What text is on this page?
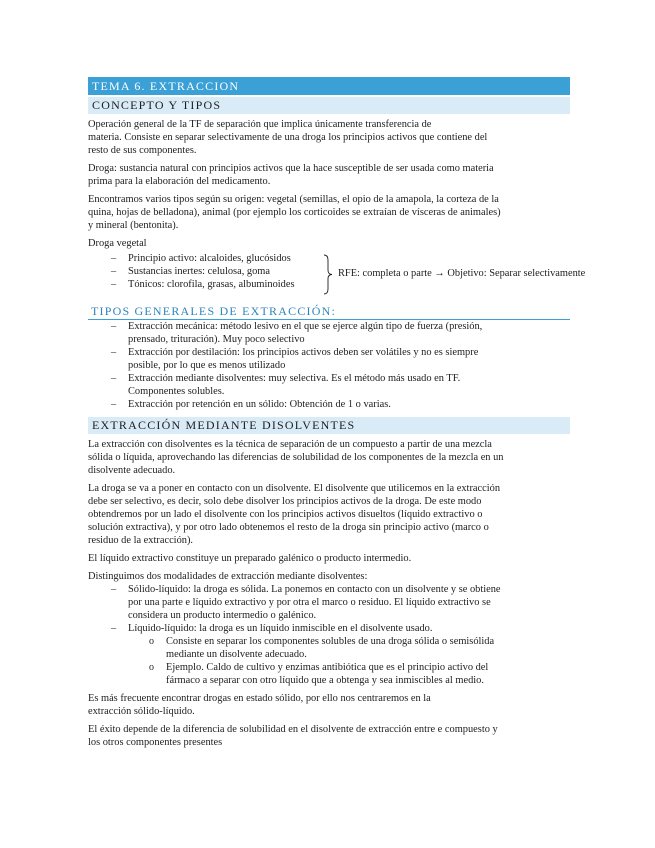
TEMA 6. EXTRACCION
CONCEPTO Y TIPOS

Operación general de la TF de separación que implica únicamente transferencia de
materia. Consiste en separar selectivamente de una droga los principios activos que contiene del
resto de sus componentes.

Droga: sustancia natural con principios activos que la hace susceptible de ser usada como materia
prima para la elaboración del medicamento.

Encontramos varios tipos según su origen: vegetal (semillas, el opio de la amapola, la corteza de la
quina, hojas de belladona), animal (por ejemplo los corticoides se extraían de vísceras de animales)
y mineral (bentonita).

Droga vegetal

– Principio activo: alcaloides, glucósidos
– Sustancias inertes: celulosa, goma
– Tónicos: clorofila, grasas, albuminoides
RFE: completa o parte → Objetivo: Separar selectivamente
TIPOS GENERALES DE EXTRACCIÓN:
– Extracción mecánica: método lesivo en el que se ejerce algún tipo de fuerza (presión,
prensado, trituración). Muy poco selectivo
– Extracción por destilación: los principios activos deben ser volátiles y no es siempre
posible, por lo que es menos utilizado
– Extracción mediante disolventes: muy selectiva. Es el método más usado en TF.
Componentes solubles.
– Extracción por retención en un sólido: Obtención de 1 o varias.
EXTRACCIÓN MEDIANTE DISOLVENTES

La extracción con disolventes es la técnica de separación de un compuesto a partir de una mezcla
sólida o líquida, aprovechando las diferencias de solubilidad de los componentes de la mezcla en un
disolvente adecuado.

La droga se va a poner en contacto con un disolvente. El disolvente que utilicemos en la extracción
debe ser selectivo, es decir, solo debe disolver los principios activos de la droga. De este modo
obtendremos por un lado el disolvente con los principios activos disueltos (líquido extractivo o
solución extractiva), y por otro lado obtenemos el resto de la droga sin principio activo (marco o
residuo de la extracción).

El líquido extractivo constituye un preparado galénico o producto intermedio.

Distinguimos dos modalidades de extracción mediante disolventes:

– Sólido-líquido: la droga es sólida. La ponemos en contacto con un disolvente y se obtiene
por una parte e líquido extractivo y por otra el marco o residuo. El líquido extractivo se
considera un producto intermedio o galénico.
– Líquido-líquido: la droga es un líquido inmiscible en el disolvente usado.
o Consiste en separar los componentes solubles de una droga sólida o semisólida
mediante un disolvente adecuado.
o Ejemplo. Caldo de cultivo y enzimas antibiótica que es el principio activo del
fármaco a separar con otro líquido que a obtenga y sea inmiscibles al medio.

Es más frecuente encontrar drogas en estado sólido, por ello nos centraremos en la
extracción sólido-líquido.

El éxito depende de la diferencia de solubilidad en el disolvente de extracción entre e compuesto y
los otros componentes presentes
